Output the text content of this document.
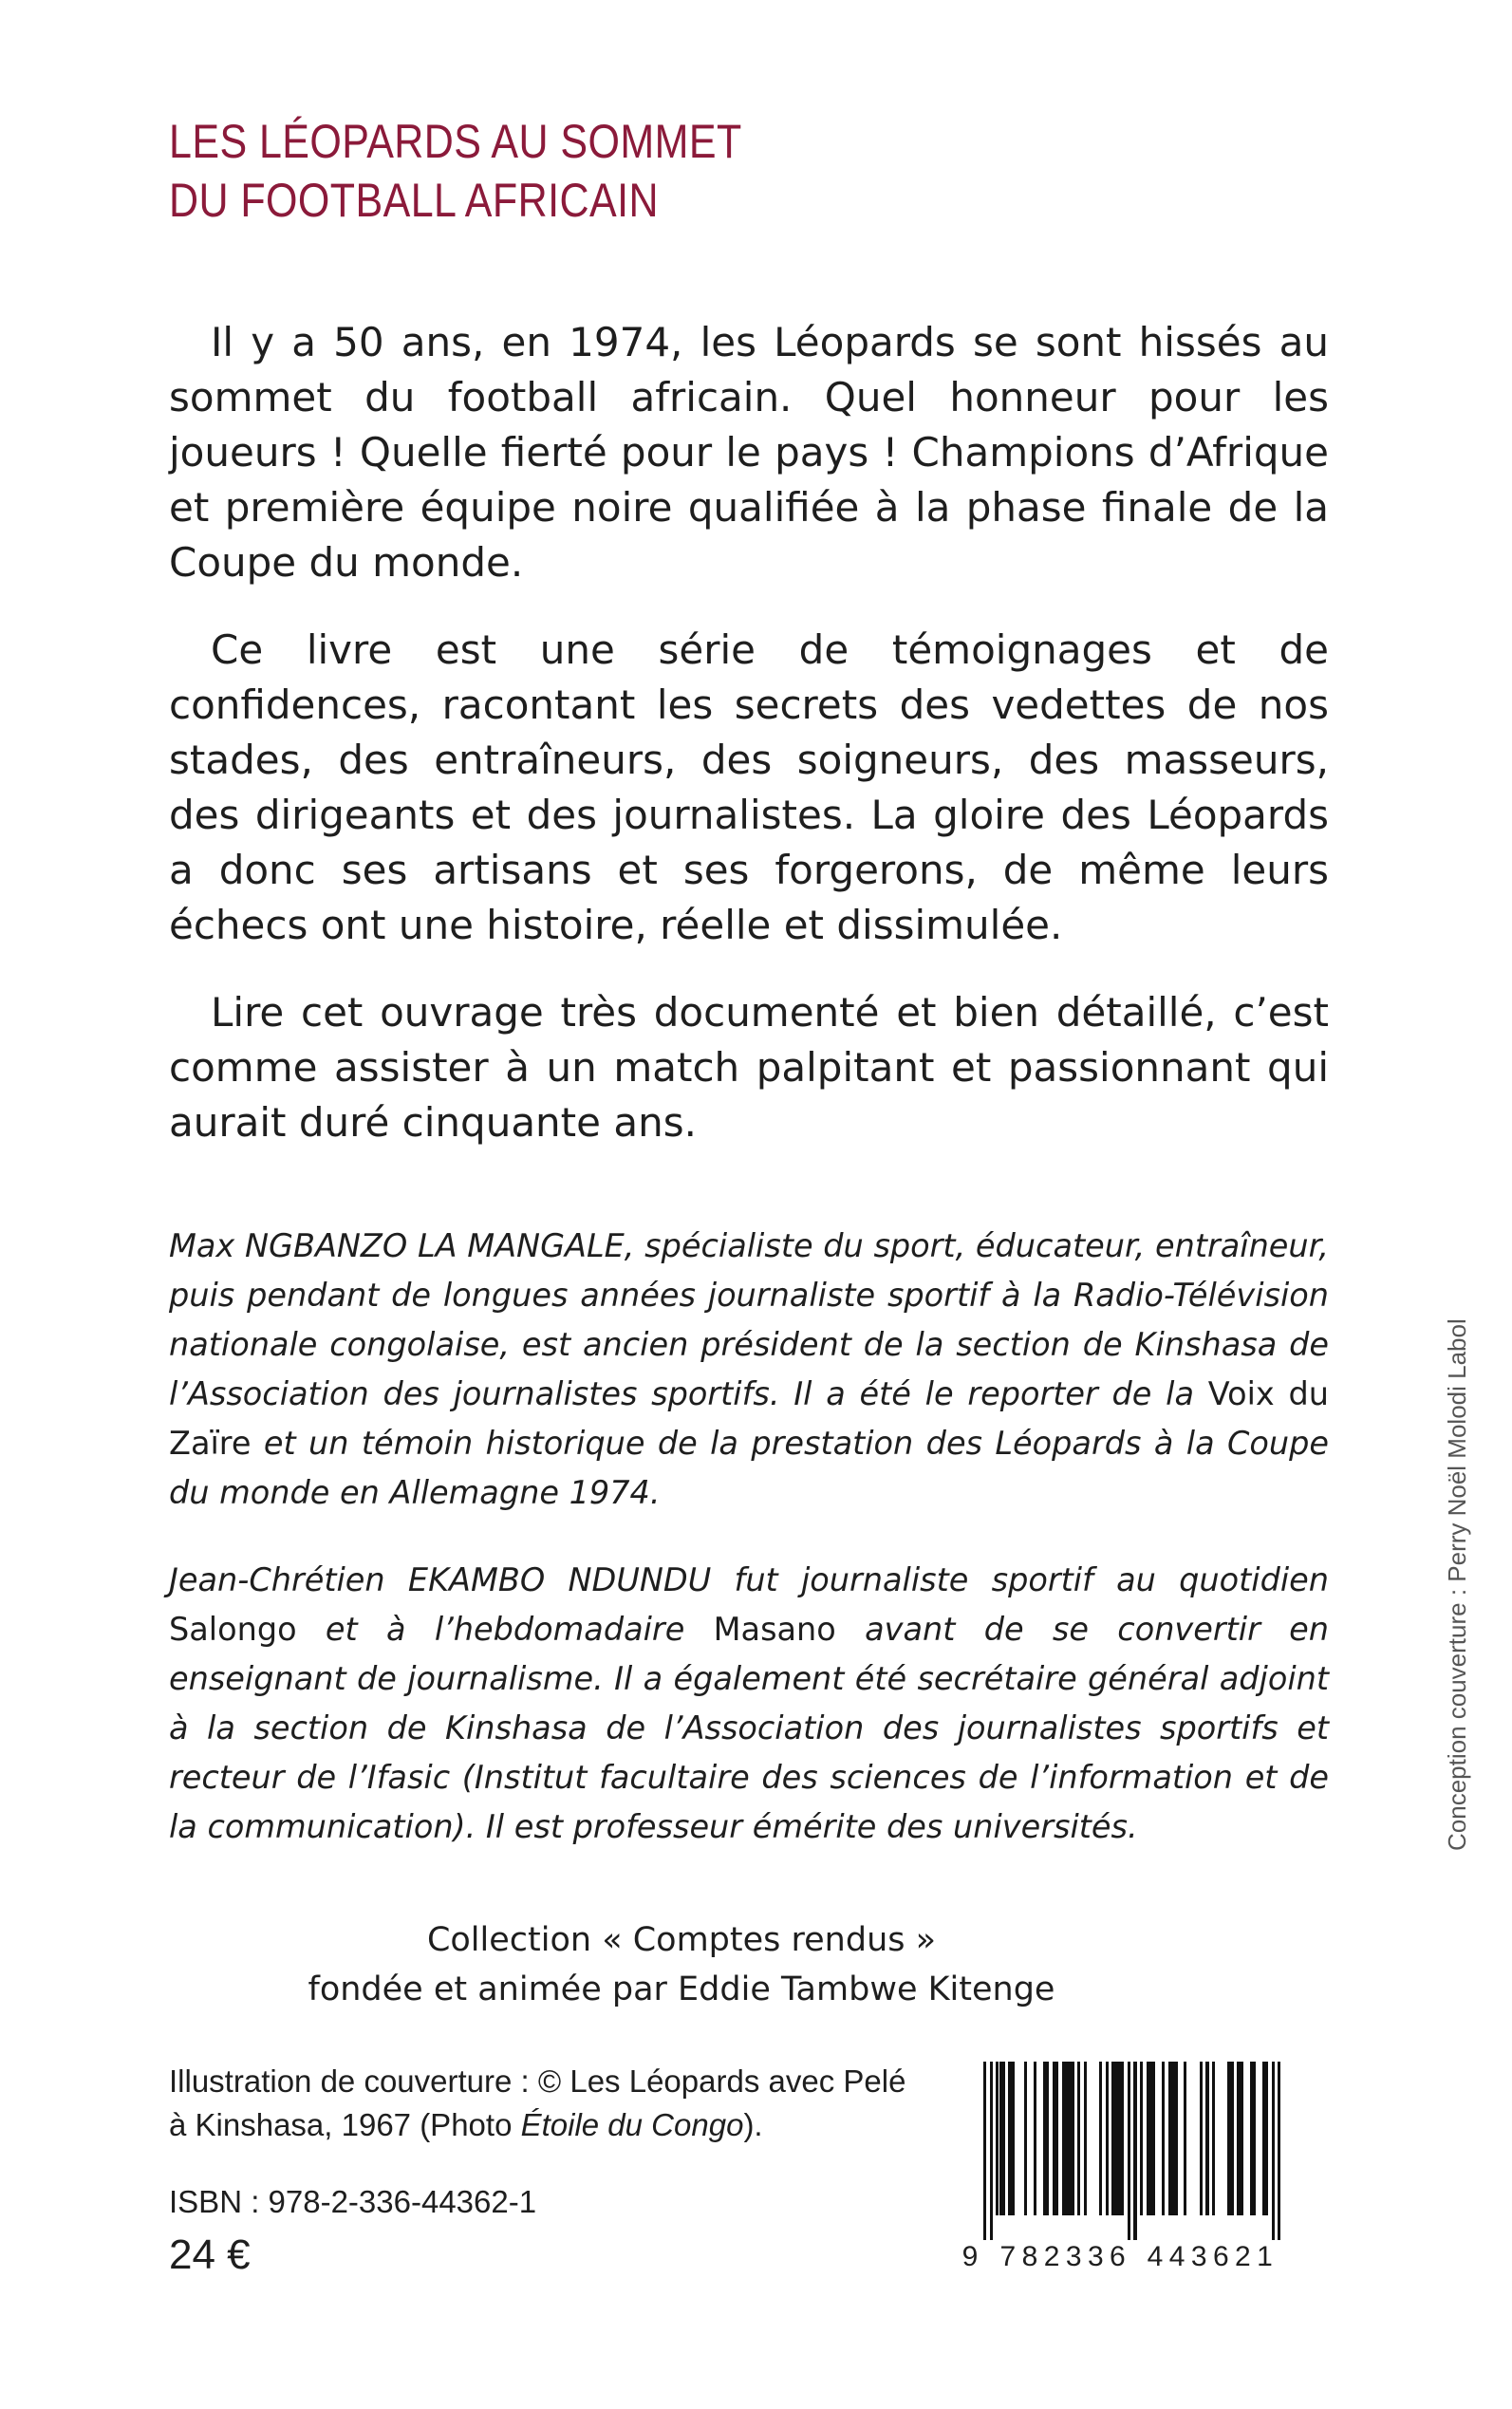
LES LÉOPARDS AU SOMMET
DU FOOTBALL AFRICAIN

Il y a 50 ans, en 1974, les Léopards se sont hissés au sommet du football africain. Quel honneur pour les joueurs ! Quelle fierté pour le pays ! Champions d’Afrique et première équipe noire qualifiée à la phase finale de la Coupe du monde.

Ce livre est une série de témoignages et de confidences, racontant les secrets des vedettes de nos stades, des entraîneurs, des soigneurs, des masseurs, des dirigeants et des journalistes. La gloire des Léopards a donc ses artisans et ses forgerons, de même leurs échecs ont une histoire, réelle et dissimulée.

Lire cet ouvrage très documenté et bien détaillé, c’est comme assister à un match palpitant et passionnant qui aurait duré cinquante ans.

Max NGBANZO LA MANGALE, spécialiste du sport, éducateur, entraîneur, puis pendant de longues années journaliste sportif à la Radio-Télévision nationale congolaise, est ancien président de la section de Kinshasa de l’Association des journalistes sportifs. Il a été le reporter de la Voix du Zaïre et un témoin historique de la prestation des Léopards à la Coupe du monde en Allemagne 1974.

Jean-Chrétien EKAMBO NDUNDU fut journaliste sportif au quotidien Salongo et à l’hebdomadaire Masano avant de se convertir en enseignant de journalisme. Il a également été secrétaire général adjoint à la section de Kinshasa de l’Association des journalistes sportifs et recteur de l’Ifasic (Institut facultaire des sciences de l’information et de la communication). Il est professeur émérite des universités.

Collection « Comptes rendus »
fondée et animée par Eddie Tambwe Kitenge
Illustration de couverture : © Les Léopards avec Pelé
à Kinshasa, 1967 (Photo Étoile du Congo).
ISBN : 978-2-336-44362-1
24 €
Conception couverture : Perry Noël Molodi Labol
9 7 8 2 3 3 6 4 4 3 6 2 1
